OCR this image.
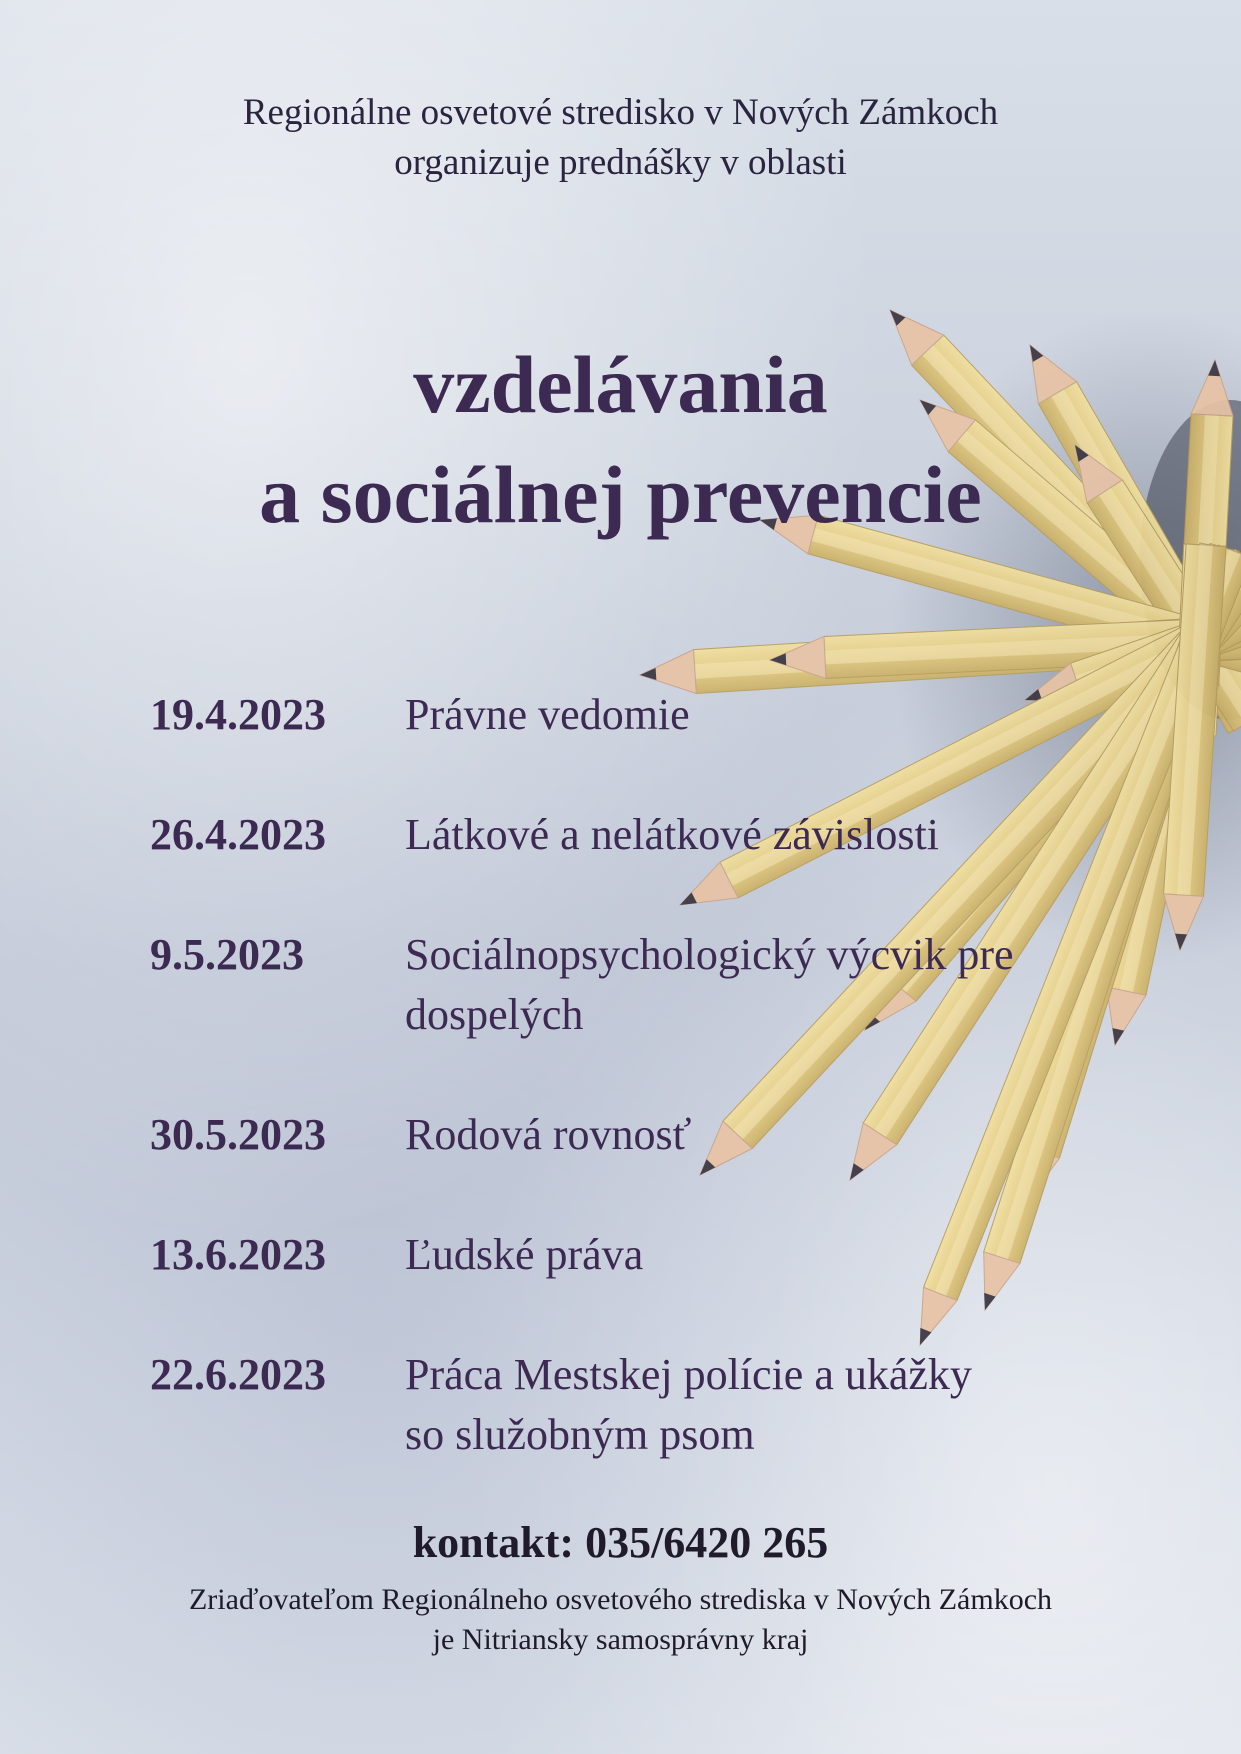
Regionálne osvetové stredisko v Nových Zámkoch
organizuje prednášky v oblasti
vzdelávania
a sociálnej prevencie
19.4.2023	Právne vedomie
26.4.2023	Látkové a nelátkové závislosti
9.5.2023	Sociálnopsychologický výcvik pre
dospelých
30.5.2023	Rodová rovnosť
13.6.2023	Ľudské práva
22.6.2023	Práca Mestskej polície a ukážky
so služobným psom
kontakt: 035/6420 265
Zriaďovateľom Regionálneho osvetového strediska v Nových Zámkoch
je Nitriansky samosprávny kraj
